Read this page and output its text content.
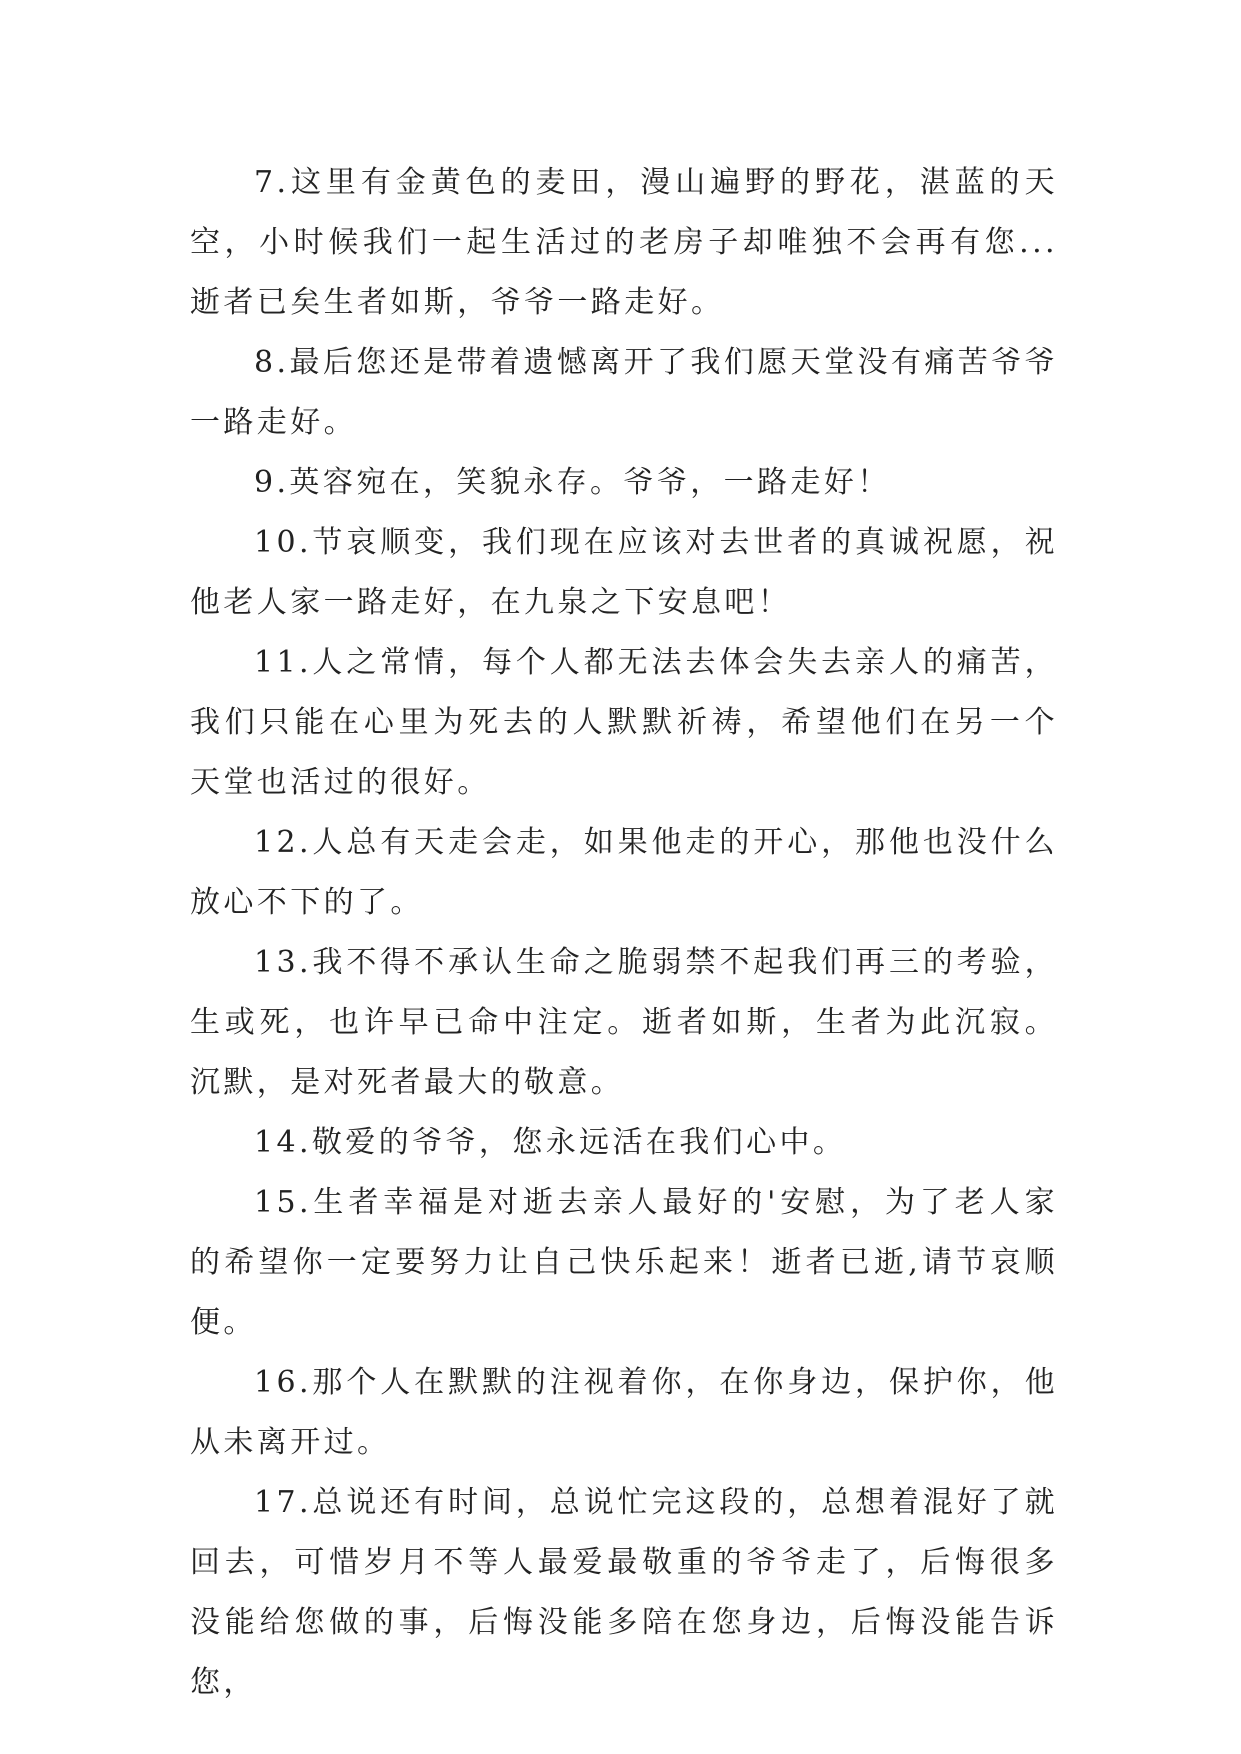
7.这里有金黄色的麦田，漫山遍野的野花，湛蓝的天空，小时候我们一起生活过的老房子却唯独不会再有您...逝者已矣生者如斯，爷爷一路走好。

8.最后您还是带着遗憾离开了我们愿天堂没有痛苦爷爷一路走好。

9.英容宛在，笑貌永存。爷爷，一路走好！

10.节哀顺变，我们现在应该对去世者的真诚祝愿，祝他老人家一路走好，在九泉之下安息吧！

11.人之常情，每个人都无法去体会失去亲人的痛苦，我们只能在心里为死去的人默默祈祷，希望他们在另一个天堂也活过的很好。

12.人总有天走会走，如果他走的开心，那他也没什么放心不下的了。

13.我不得不承认生命之脆弱禁不起我们再三的考验，生或死，也许早已命中注定。逝者如斯，生者为此沉寂。沉默，是对死者最大的敬意。

14.敬爱的爷爷，您永远活在我们心中。

15.生者幸福是对逝去亲人最好的'安慰，为了老人家的希望你一定要努力让自己快乐起来！逝者已逝,请节哀顺便。

16.那个人在默默的注视着你，在你身边，保护你，他从未离开过。

17.总说还有时间，总说忙完这段的，总想着混好了就回去，可惜岁月不等人最爱最敬重的爷爷走了，后悔很多没能给您做的事，后悔没能多陪在您身边，后悔没能告诉您，
